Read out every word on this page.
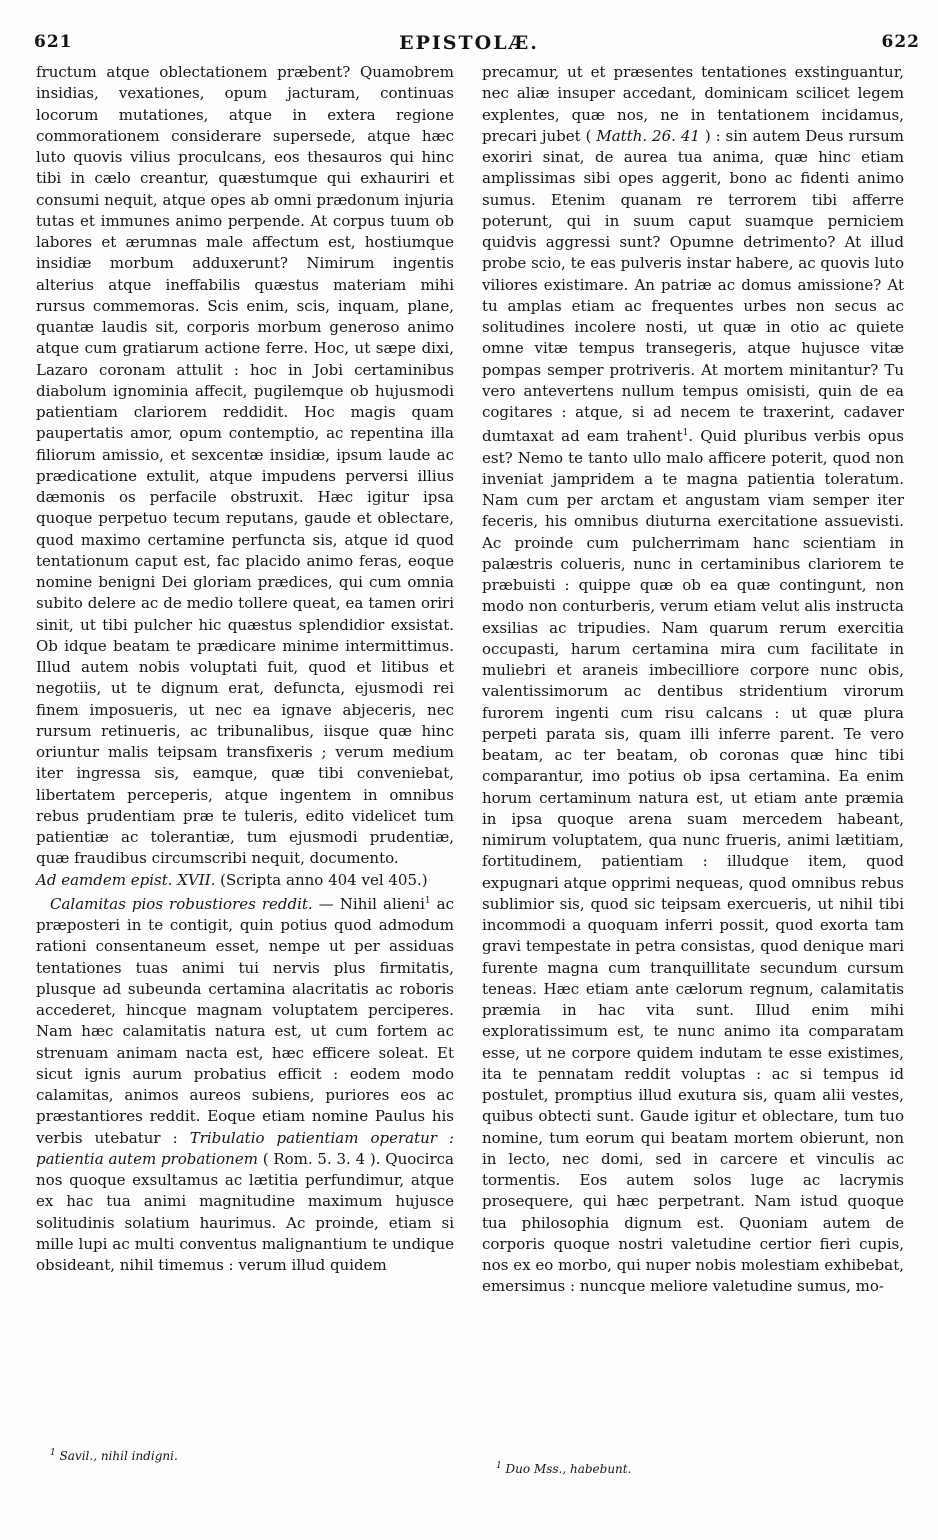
621	EPISTOLÆ.	622

fructum atque oblectationem præbent? Quamobrem insidias, vexationes, opum jacturam, continuas locorum mutationes, atque in extera regione commorationem considerare supersede, atque hæc luto quovis vilius proculcans, eos thesauros qui hinc tibi in cælo creantur, quæstumque qui exhauriri et consumi nequit, atque opes ab omni prædonum injuria tutas et immunes animo perpende. At corpus tuum ob labores et ærumnas male affectum est, hostiumque insidiæ morbum adduxerunt? Nimirum ingentis alterius atque ineffabilis quæstus materiam mihi rursus commemoras. Scis enim, scis, inquam, plane, quantæ laudis sit, corporis morbum generoso animo atque cum gratiarum actione ferre. Hoc, ut sæpe dixi, Lazaro coronam attulit : hoc in Jobi certaminibus diabolum ignominia affecit, pugilemque ob hujusmodi patientiam clariorem reddidit. Hoc magis quam paupertatis amor, opum contemptio, ac repentina illa filiorum amissio, et sexcentæ insidiæ, ipsum laude ac prædicatione extulit, atque impudens perversi illius dæmonis os perfacile obstruxit. Hæc igitur ipsa quoque perpetuo tecum reputans, gaude et oblectare, quod maximo certamine perfuncta sis, atque id quod tentationum caput est, fac placido animo feras, eoque nomine benigni Dei gloriam prædices, qui cum omnia subito delere ac de medio tollere queat, ea tamen oriri sinit, ut tibi pulcher hic quæstus splendidior exsistat. Ob idque beatam te prædicare minime intermittimus. Illud autem nobis voluptati fuit, quod et litibus et negotiis, ut te dignum erat, defuncta, ejusmodi rei finem imposueris, ut nec ea ignave abjeceris, nec rursum retinueris, ac tribunalibus, iisque quæ hinc oriuntur malis teipsam transfixeris ; verum medium iter ingressa sis, eamque, quæ tibi conveniebat, libertatem perceperis, atque ingentem in omnibus rebus prudentiam præ te tuleris, edito videlicet tum patientiæ ac tolerantiæ, tum ejusmodi prudentiæ, quæ fraudibus circumscribi nequit, documento.

Ad eamdem epist. XVII. (Scripta anno 404 vel 405.)

Calamitas pios robustiores reddit. — Nihil alieni$^1$ ac præposteri in te contigit, quin potius quod admodum rationi consentaneum esset, nempe ut per assiduas tentationes tuas animi tui nervis plus firmitatis, plusque ad subeunda certamina alacritatis ac roboris accederet, hincque magnam voluptatem perciperes. Nam hæc calamitatis natura est, ut cum fortem ac strenuam animam nacta est, hæc efficere soleat. Et sicut ignis aurum probatius efficit : eodem modo calamitas, animos aureos subiens, puriores eos ac præstantiores reddit. Eoque etiam nomine Paulus his verbis utebatur : Tribulatio patientiam operatur : patientia autem probationem ( Rom. 5. 3. 4 ). Quocirca nos quoque exsultamus ac lætitia perfundimur, atque ex hac tua animi magnitudine maximum hujusce solitudinis solatium haurimus. Ac proinde, etiam si mille lupi ac multi conventus malignantium te undique obsideant, nihil timemus : verum illud quidem

$^1$ Savil., nihil indigni.

precamur, ut et præsentes tentationes exstinguantur, nec aliæ insuper accedant, dominicam scilicet legem explentes, quæ nos, ne in tentationem incidamus, precari jubet ( Matth. 26. 41 ) : sin autem Deus rursum exoriri sinat, de aurea tua anima, quæ hinc etiam amplissimas sibi opes aggerit, bono ac fidenti animo sumus. Etenim quanam re terrorem tibi afferre poterunt, qui in suum caput suamque perniciem quidvis aggressi sunt? Opumne detrimento? At illud probe scio, te eas pulveris instar habere, ac quovis luto viliores existimare. An patriæ ac domus amissione? At tu amplas etiam ac frequentes urbes non secus ac solitudines incolere nosti, ut quæ in otio ac quiete omne vitæ tempus transegeris, atque hujusce vitæ pompas semper protriveris. At mortem minitantur? Tu vero antevertens nullum tempus omisisti, quin de ea cogitares : atque, si ad necem te traxerint, cadaver dumtaxat ad eam trahent$^1$. Quid pluribus verbis opus est? Nemo te tanto ullo malo afficere poterit, quod non inveniat jampridem a te magna patientia toleratum. Nam cum per arctam et angustam viam semper iter feceris, his omnibus diuturna exercitatione assuevisti. Ac proinde cum pulcherrimam hanc scientiam in palæstris colueris, nunc in certaminibus clariorem te præbuisti : quippe quæ ob ea quæ contingunt, non modo non conturberis, verum etiam velut alis instructa exsilias ac tripudies. Nam quarum rerum exercitia occupasti, harum certamina mira cum facilitate in muliebri et araneis imbecilliore corpore nunc obis, valentissimorum ac dentibus stridentium virorum furorem ingenti cum risu calcans : ut quæ plura perpeti parata sis, quam illi inferre parent. Te vero beatam, ac ter beatam, ob coronas quæ hinc tibi comparantur, imo potius ob ipsa certamina. Ea enim horum certaminum natura est, ut etiam ante præmia in ipsa quoque arena suam mercedem habeant, nimirum voluptatem, qua nunc frueris, animi lætitiam, fortitudinem, patientiam : illudque item, quod expugnari atque opprimi nequeas, quod omnibus rebus sublimior sis, quod sic teipsam exercueris, ut nihil tibi incommodi a quoquam inferri possit, quod exorta tam gravi tempestate in petra consistas, quod denique mari furente magna cum tranquillitate secundum cursum teneas. Hæc etiam ante cælorum regnum, calamitatis præmia in hac vita sunt. Illud enim mihi exploratissimum est, te nunc animo ita comparatam esse, ut ne corpore quidem indutam te esse existimes, ita te pennatam reddit voluptas : ac si tempus id postulet, promptius illud exutura sis, quam alii vestes, quibus obtecti sunt. Gaude igitur et oblectare, tum tuo nomine, tum eorum qui beatam mortem obierunt, non in lecto, nec domi, sed in carcere et vinculis ac tormentis. Eos autem solos luge ac lacrymis prosequere, qui hæc perpetrant. Nam istud quoque tua philosophia dignum est. Quoniam autem de corporis quoque nostri valetudine certior fieri cupis, nos ex eo morbo, qui nuper nobis molestiam exhibebat, emersimus : nuncque meliore valetudine sumus, mo-

$^1$ Duo Mss., habebunt.
